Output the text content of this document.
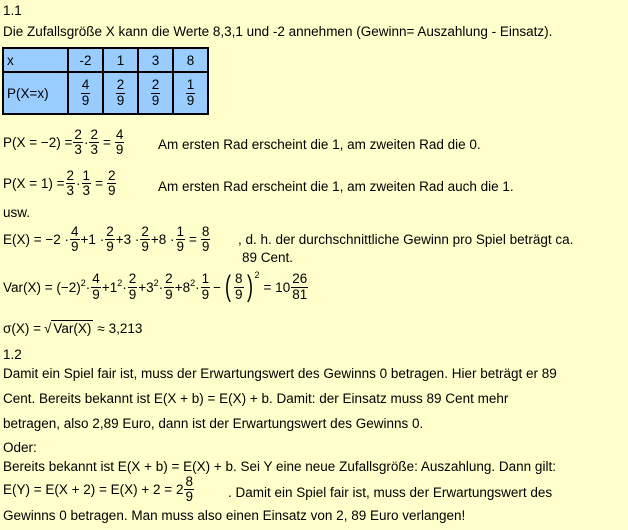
1.1
Die Zufallsgröße X kann die Werte 8,3,1 und -2 annehmen (Gewinn= Auszahlung - Einsatz).
x	-2	1	3	8
P(X=x)	$\frac{4}{9}$	$\frac{2}{9}$	$\frac{2}{9}$	$\frac{1}{9}$
$P(X = -2) = \frac{2}{3} \cdot \frac{2}{3} = \frac{4}{9}$ Am ersten Rad erscheint die 1, am zweiten Rad die 0.
$P(X = 1) = \frac{2}{3} \cdot \frac{1}{3} = \frac{2}{9}$	Am ersten Rad erscheint die 1, am zweiten Rad auch die 1.
usw.
$E(X) = -2 \cdot \frac{4}{9} +1 \cdot \frac{2}{9} +3 \cdot \frac{2}{9} +8 \cdot \frac{1}{9} = \frac{8}{9}$ , d. h. der durchschnittliche Gewinn pro Spiel beträgt ca.
89 Cent.
Var(X) = (−2) $2 \cdot \frac{4}{9} +1$ $2 \cdot \frac{2}{9} +3$ $2 \cdot \frac{2}{9} +8$ $2 \cdot \frac{1}{9}$ − ( $\frac{8}{9}$ ) 2
= $10 \frac{26}{81}$
σ(X) = √ Var(X) ≈ 3,213
1.2
Damit ein Spiel fair ist, muss der Erwartungswert des Gewinns 0 betragen. Hier beträgt er 89
Cent. Bereits bekannt ist E(X + b) = E(X) + b. Damit: der Einsatz muss 89 Cent mehr
betragen, also 2,89 Euro, dann ist der Erwartungswert des Gewinns 0.
Oder:
Bereits bekannt ist E(X + b) = E(X) + b. Sei Y eine neue Zufallsgröße: Auszahlung. Dann gilt:
$E(Y) = E(X + 2) = E(X) + 2 = 2 \frac{8}{9}$	. Damit ein Spiel fair ist, muss der Erwartungswert des
Gewinns 0 betragen. Man muss also einen Einsatz von 2, 89 Euro verlangen!
